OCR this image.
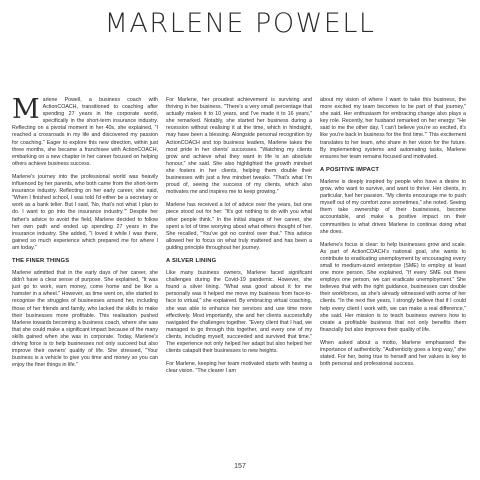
MARLENE POWELL

Marlene Powell, a business coach with ActionCOACH, transitioned to coaching after spending 27 years in the corporate world, specifically in the short-term insurance industry. Reflecting on a pivotal moment in her 40s, she explained, "I reached a crossroads in my life and discovered my passion for coaching." Eager to explore this new direction, within just three months, she became a franchisee with ActionCOACH, embarking on a new chapter in her career focused on helping others achieve business success.

Marlene's journey into the professional world was heavily influenced by her parents, who both came from the short-term insurance industry. Reflecting on her early career, she said, "When I finished school, I was told I'd either be a secretary or work as a bank teller. But I said, 'No, that's not what I plan to do. I want to go into the insurance industry.'" Despite her father's advice to avoid the field, Marlene decided to follow her own path and ended up spending 27 years in the insurance industry. She added, "I loved it while I was there, gained so much experience which prepared me for where I am today."

THE FINER THINGS

Marlene admitted that in the early days of her career, she didn't have a clear sense of purpose. She explained, "It was just go to work, earn money, come home and be like a hamster in a wheel." However, as time went on, she started to recognise the struggles of businesses around her, including those of her friends and family, who lacked the skills to make their businesses more profitable. This realisation pushed Marlene towards becoming a business coach, where she saw that she could make a significant impact because of the many skills gained when she was in corporate. Today, Marlene's driving force is to help businesses not only succeed but also improve their owners' quality of life. She stressed, "Your business is a vehicle to give you time and money so you can enjoy the finer things in life."

For Marlene, her proudest achievement is surviving and thriving in her business. "There's a very small percentage that actually makes it to 10 years, and I've made it to 16 years," she remarked. Notably, she started her business during a recession without realising it at the time, which in hindsight, may have been a blessing. Alongside personal recognition by ActionCOACH and top business leaders, Marlene takes the most pride in her clients' successes. "Watching my clients grow and achieve what they want in life is an absolute honour," she said. She also highlighted the growth mindset she fosters in her clients, helping them double their businesses with just a few mindset tweaks. "That's what I'm proud of, seeing the success of my clients, which also motivates me and inspires me to keep growing."

Marlene has received a lot of advice over the years, but one piece stood out for her: "It's got nothing to do with you what other people think." In the initial stages of her career, she spent a lot of time worrying about what others thought of her. She recalled, "You've got no control over that." This advice allowed her to focus on what truly mattered and has been a guiding principle throughout her journey.

A SILVER LINING

Like many business owners, Marlene faced significant challenges during the Covid-19 pandemic. However, she found a silver lining. "What was good about it for me personally was it helped me move my business from face-to-face to virtual," she explained. By embracing virtual coaching, she was able to enhance her services and use time more effectively. Most importantly, she and her clients successfully navigated the challenges together. "Every client that I had, we managed to go through this together, and every one of my clients, including myself, succeeded and survived that time." The experience not only helped her adapt but also helped her clients catapult their businesses to new heights.

For Marlene, keeping her team motivated starts with having a clear vision. "The clearer I am

about my vision of where I want to take this business, the more excited my team becomes to be part of that journey," she said. Her enthusiasm for embracing change also plays a key role. Recently, her husband remarked on her energy: "He said to me the other day, 'I can't believe you're so excited, it's like you're back in business for the first time.'" This excitement translates to her team, who share in her vision for the future. By implementing systems and automating tasks, Marlene ensures her team remains focused and motivated.

A POSITIVE IMPACT

Marlene is deeply inspired by people who have a desire to grow, who want to survive, and want to thrive. Her clients, in particular, fuel her passion. "My clients encourage me to push myself out of my comfort zone sometimes," she noted. Seeing them take ownership of their businesses, become accountable, and make a positive impact on their communities is what drives Marlene to continue doing what she does.

Marlene's focus is clear: to help businesses grow and scale. As part of ActionCOACH's national goal, she wants to contribute to eradicating unemployment by encouraging every small to medium-sized enterprise (SME) to employ at least one more person. She explained, "If every SME out there employs one person, we can eradicate unemployment." She believes that with the right guidance, businesses can double their workforces, as she's already witnessed with some of her clients. "In the next five years, I strongly believe that if I could help every client I work with, we can make a real difference," she said. Her mission is to teach business owners how to create a profitable business that not only benefits them financially but also improves their quality of life.

When asked about a motto, Marlene emphasised the importance of authenticity. "Authenticity goes a long way," she stated. For her, being true to herself and her values is key to both personal and professional success.

157
